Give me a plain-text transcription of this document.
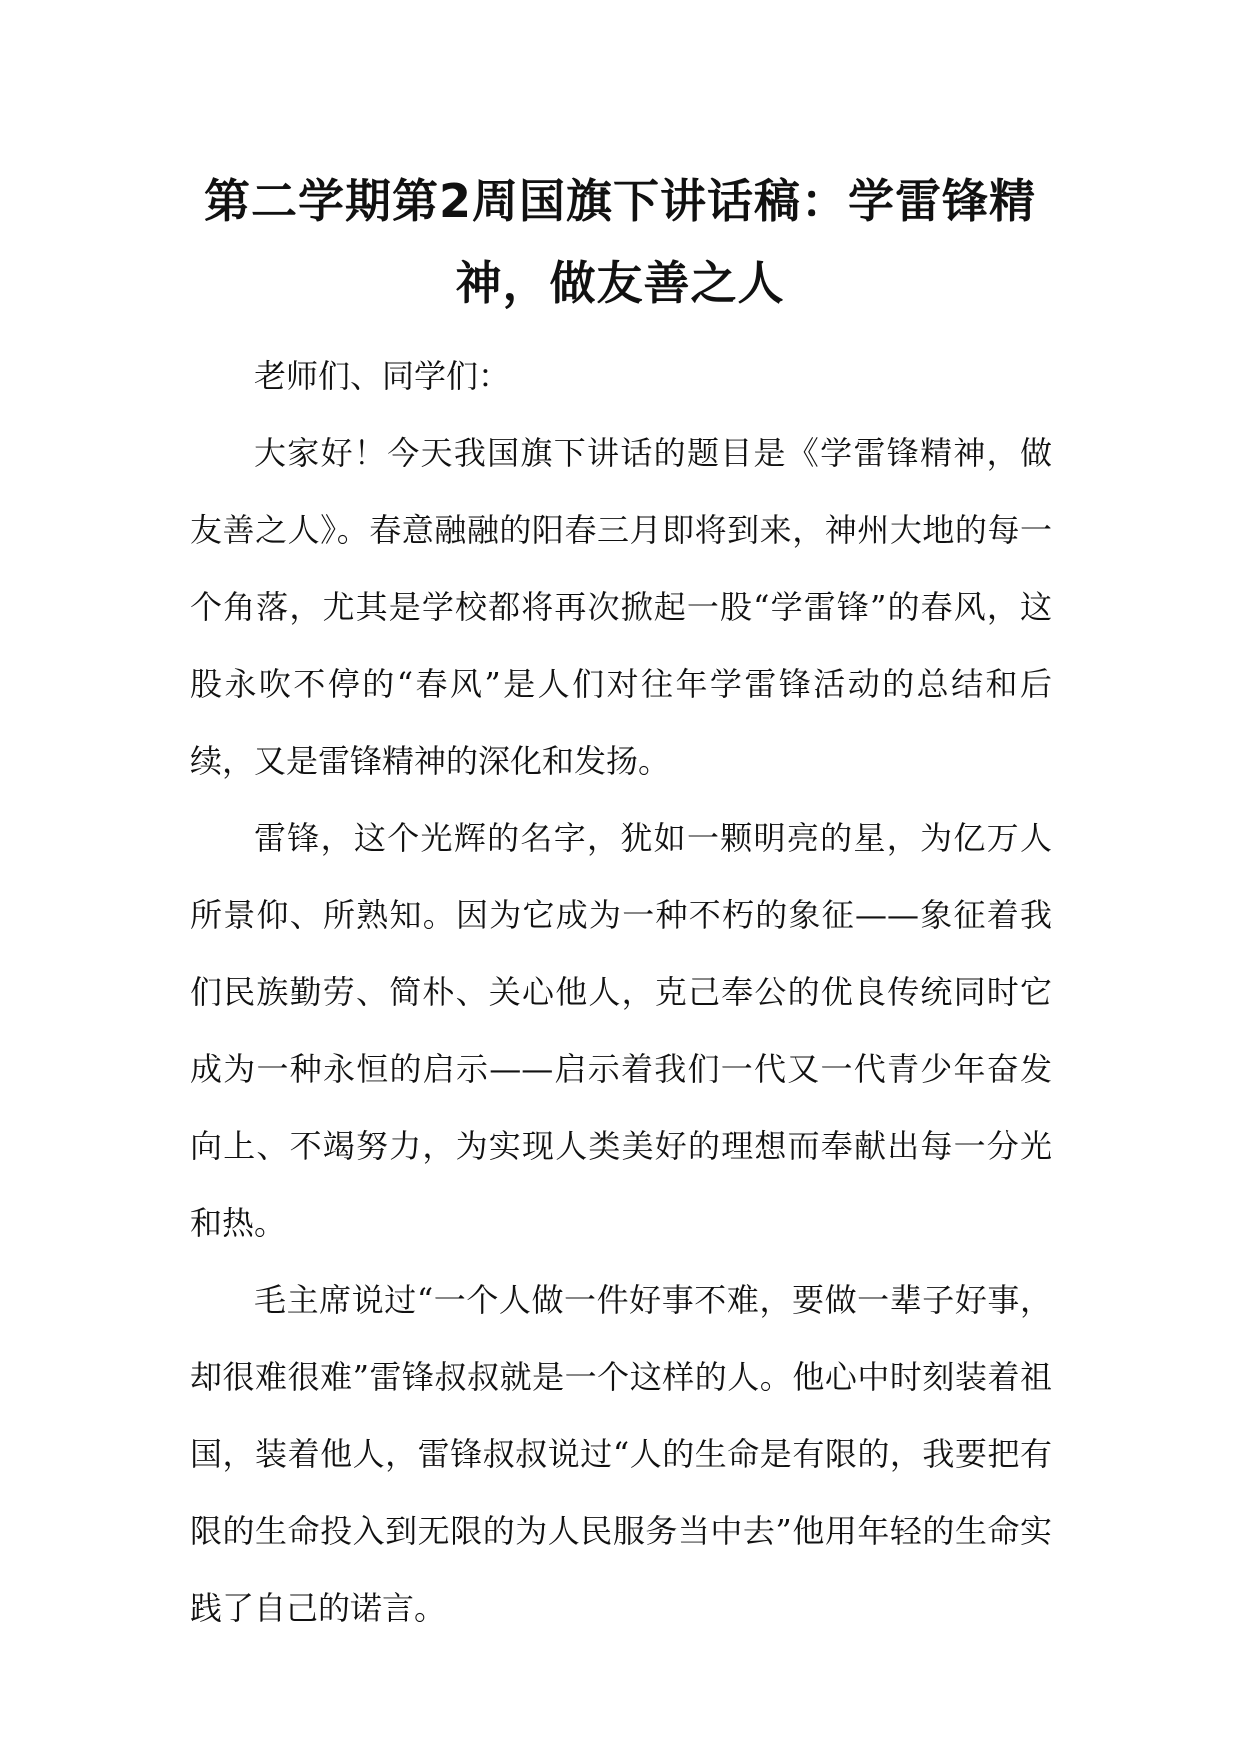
第二学期第2周国旗下讲话稿：学雷锋精神，做友善之人

老师们、同学们：

大家好！今天我国旗下讲话的题目是《学雷锋精神，做友善之人》。春意融融的阳春三月即将到来，神州大地的每一个角落，尤其是学校都将再次掀起一股“学雷锋”的春风，这股永吹不停的“春风”是人们对往年学雷锋活动的总结和后续，又是雷锋精神的深化和发扬。

雷锋，这个光辉的名字，犹如一颗明亮的星，为亿万人所景仰、所熟知。因为它成为一种不朽的象征——象征着我们民族勤劳、简朴、关心他人，克己奉公的优良传统同时它成为一种永恒的启示——启示着我们一代又一代青少年奋发向上、不竭努力，为实现人类美好的理想而奉献出每一分光和热。

毛主席说过“一个人做一件好事不难，要做一辈子好事，却很难很难”雷锋叔叔就是一个这样的人。他心中时刻装着祖国，装着他人，雷锋叔叔说过“人的生命是有限的，我要把有限的生命投入到无限的为人民服务当中去”他用年轻的生命实践了自己的诺言。
